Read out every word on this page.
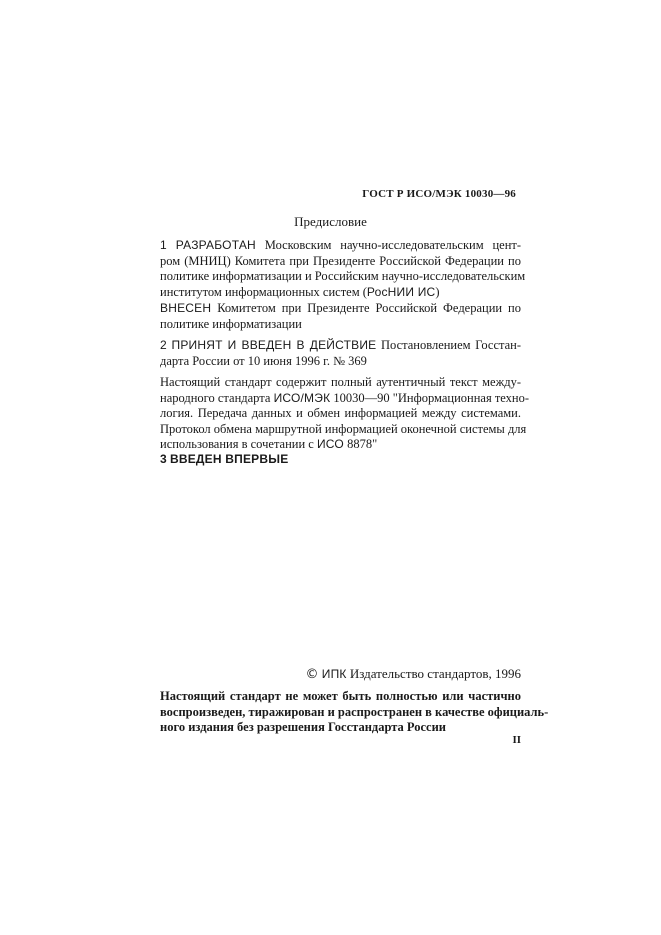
ГОСТ Р ИСО/МЭК 10030—96
Предисловие
1 РАЗРАБОТАН Московским научно-исследовательским цент-
ром (МНИЦ) Комитета при Президенте Российской Федерации по
политике информатизации и Российским научно-исследовательским
институтом информационных систем (РосНИИ ИС)
ВНЕСЕН Комитетом при Президенте Российской Федерации по
политике информатизации
2 ПРИНЯТ И ВВЕДЕН В ДЕЙСТВИЕ Постановлением Госстан-
дарта России от 10 июня 1996 г. № 369
Настоящий стандарт содержит полный аутентичный текст между-
народного стандарта ИСО/МЭК 10030—90 "Информационная техно-
логия. Передача данных и обмен информацией между системами.
Протокол обмена маршрутной информацией оконечной системы для
использования в сочетании с ИСО 8878"
3 ВВЕДЕН ВПЕРВЫЕ
© ИПК Издательство стандартов, 1996
Настоящий стандарт не может быть полностью или частично
воспроизведен, тиражирован и распространен в качестве официаль-
ного издания без разрешения Госстандарта России
II
